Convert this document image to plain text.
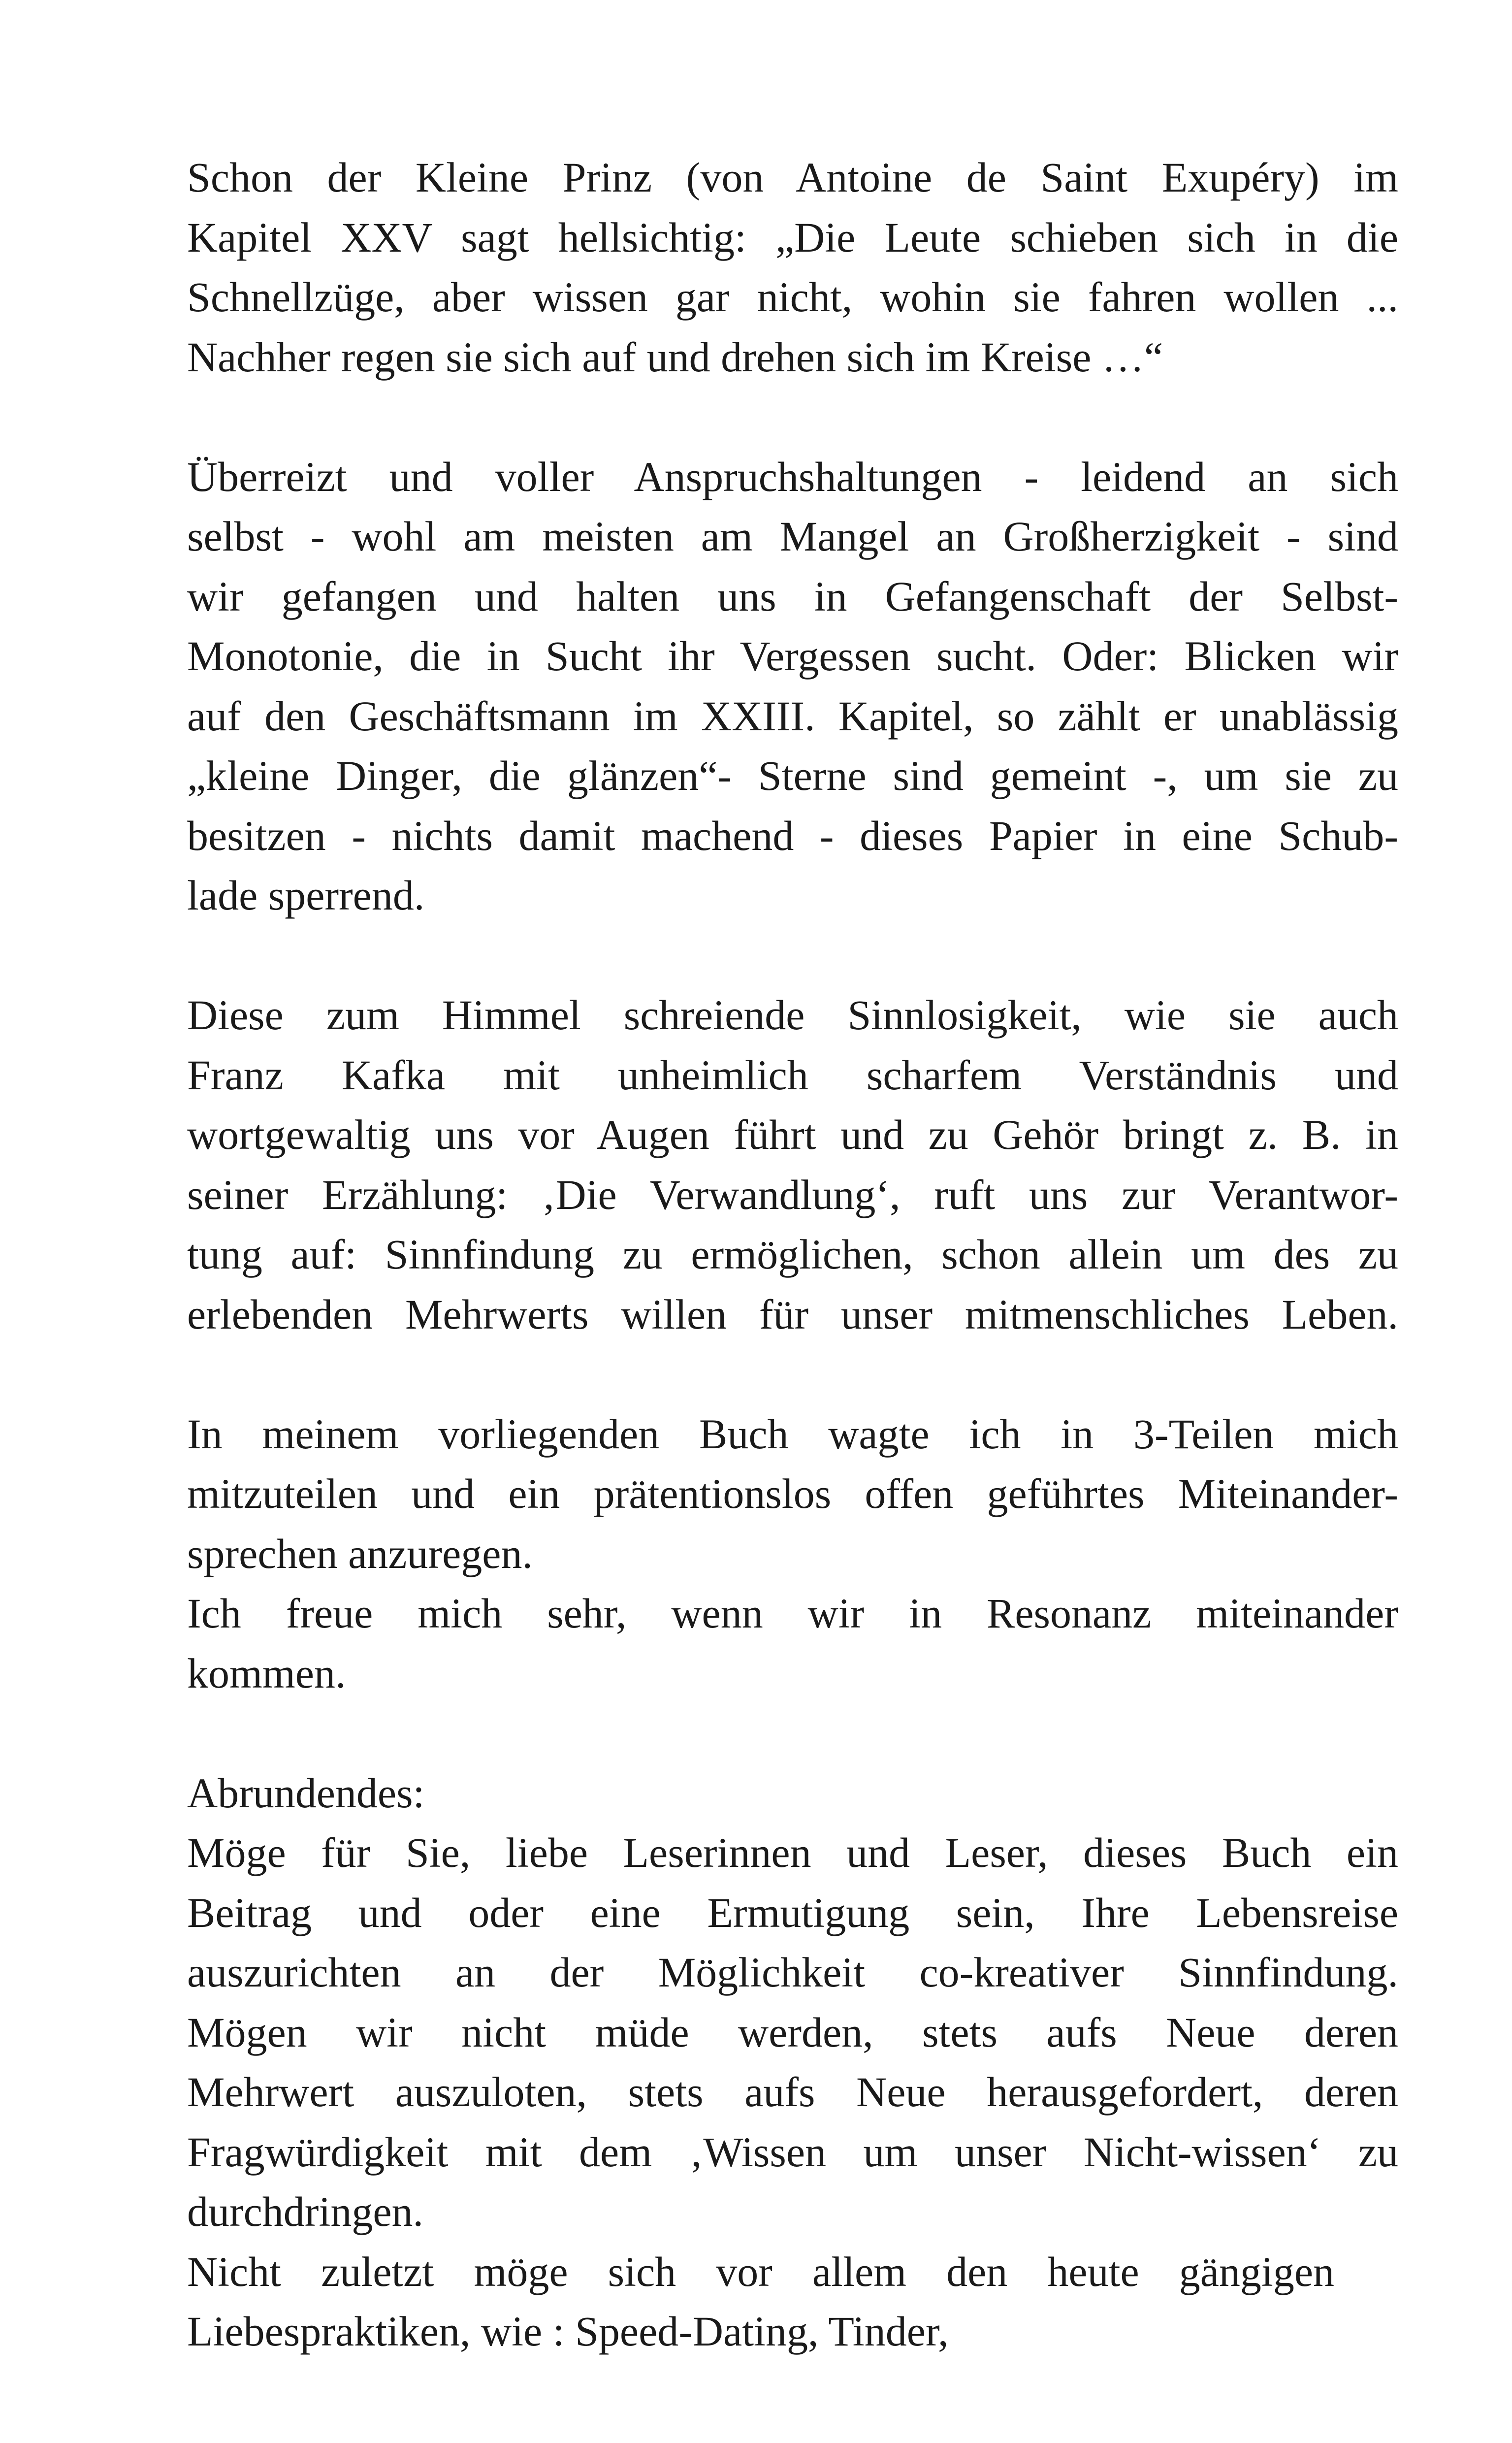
Schon der Kleine Prinz (von Antoine de Saint Exupéry) im
Kapitel XXV sagt hellsichtig: „Die Leute schieben sich in die
Schnellzüge, aber wissen gar nicht, wohin sie fahren wollen ...
Nachher regen sie sich auf und drehen sich im Kreise …“
Überreizt und voller Anspruchshaltungen - leidend an sich
selbst - wohl am meisten am Mangel an Großherzigkeit - sind
wir gefangen und halten uns in Gefangenschaft der Selbst-
Monotonie, die in Sucht ihr Vergessen sucht. Oder: Blicken wir
auf den Geschäftsmann im XXIII. Kapitel, so zählt er unablässig
„kleine Dinger, die glänzen“- Sterne sind gemeint -, um sie zu
besitzen - nichts damit machend - dieses Papier in eine Schub-
lade sperrend.
Diese zum Himmel schreiende Sinnlosigkeit, wie sie auch
Franz Kafka mit unheimlich scharfem Verständnis und
wortgewaltig uns vor Augen führt und zu Gehör bringt z. B. in
seiner Erzählung: ‚Die Verwandlung‘, ruft uns zur Verantwor-
tung auf: Sinnfindung zu ermöglichen, schon allein um des zu
erlebenden Mehrwerts willen für unser mitmenschliches Leben.
In meinem vorliegenden Buch wagte ich in 3-Teilen mich
mitzuteilen und ein prätentionslos offen geführtes Miteinander-
sprechen anzuregen.
Ich freue mich sehr, wenn wir in Resonanz miteinander
kommen.
Abrundendes:
Möge für Sie, liebe Leserinnen und Leser, dieses Buch ein
Beitrag und oder eine Ermutigung sein, Ihre Lebensreise
auszurichten an der Möglichkeit co-kreativer Sinnfindung.
Mögen wir nicht müde werden, stets aufs Neue deren
Mehrwert auszuloten, stets aufs Neue herausgefordert, deren
Fragwürdigkeit mit dem ‚Wissen um unser Nicht-wissen‘ zu
durchdringen.
Nicht zuletzt möge sich vor allem den heute gängigen
Liebespraktiken, wie : Speed-Dating, Tinder,
